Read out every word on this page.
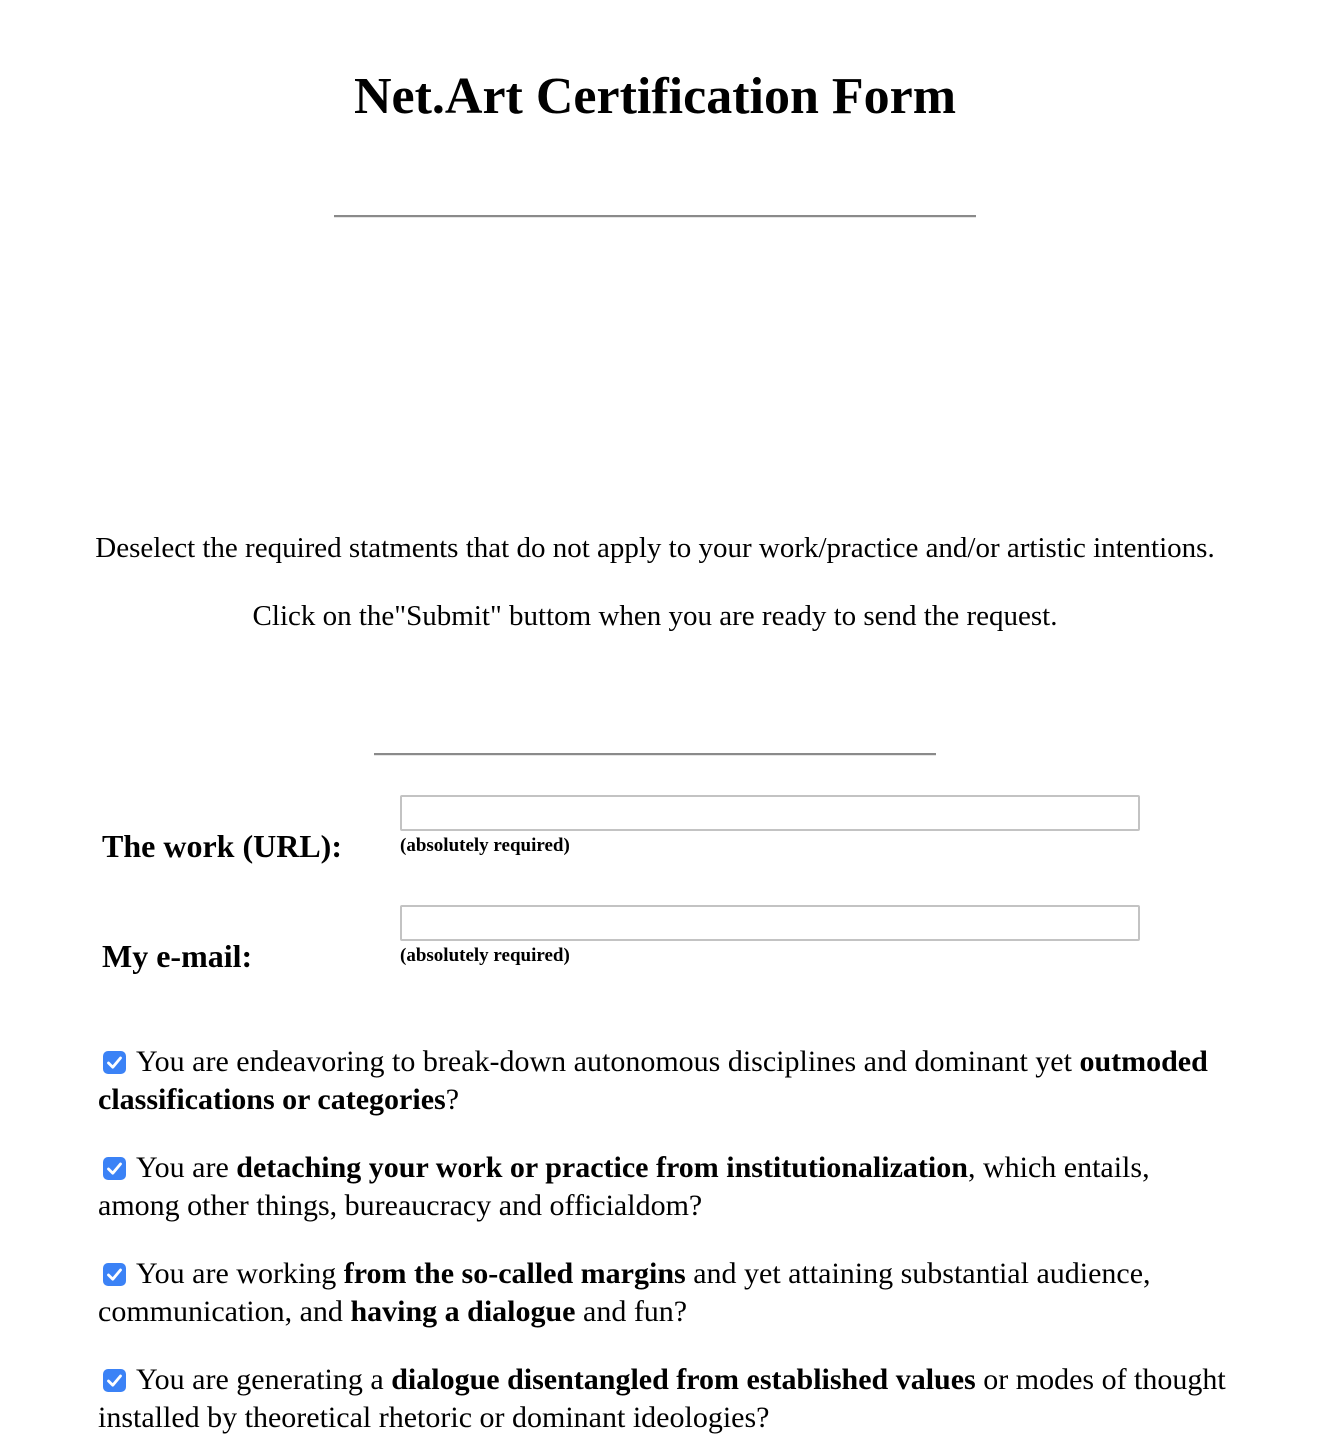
Net.Art Certification Form

Deselect the required statments that do not apply to your work/practice and/or artistic intentions.

Click on the"Submit" buttom when you are ready to send the request.

The work (URL):	(absolutely required)
My e-mail:	(absolutely required)

You are endeavoring to break-down autonomous disciplines and dominant yet outmoded classifications or categories?

You are detaching your work or practice from institutionalization, which entails, among other things, bureaucracy and officialdom?

You are working from the so-called margins and yet attaining substantial audience, communication, and having a dialogue and fun?

You are generating a dialogue disentangled from established values or modes of thought installed by theoretical rhetoric or dominant ideologies?
